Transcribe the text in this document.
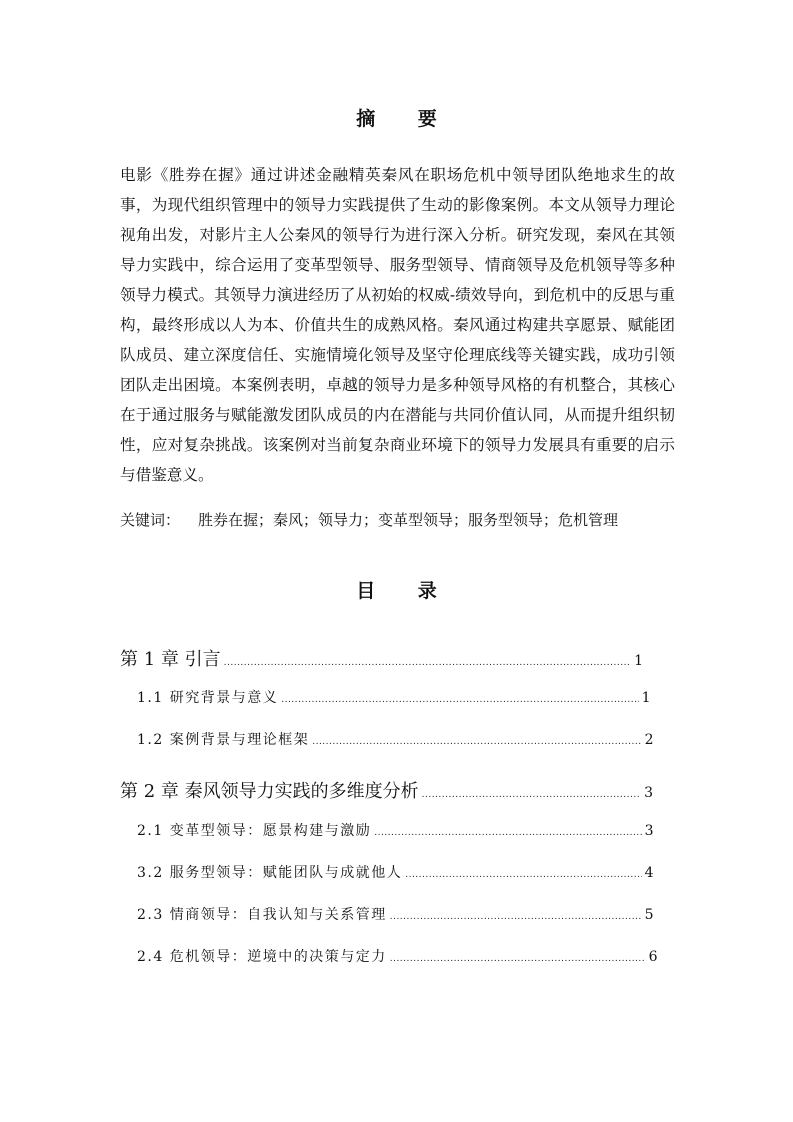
摘 要

电影《胜券在握》通过讲述金融精英秦风在职场危机中领导团队绝地求生的故事，为现代组织管理中的领导力实践提供了生动的影像案例。本文从领导力理论视角出发，对影片主人公秦风的领导行为进行深入分析。研究发现，秦风在其领导力实践中，综合运用了变革型领导、服务型领导、情商领导及危机领导等多种领导力模式。其领导力演进经历了从初始的权威-绩效导向，到危机中的反思与重构，最终形成以人为本、价值共生的成熟风格。秦风通过构建共享愿景、赋能团队成员、建立深度信任、实施情境化领导及坚守伦理底线等关键实践，成功引领团队走出困境。本案例表明，卓越的领导力是多种领导风格的有机整合，其核心在于通过服务与赋能激发团队成员的内在潜能与共同价值认同，从而提升组织韧性，应对复杂挑战。该案例对当前复杂商业环境下的领导力发展具有重要的启示与借鉴意义。

关键词： 胜券在握；秦风；领导力；变革型领导；服务型领导；危机管理
目 录
第 1 章 引言 .....	1
1.1 研究背景与意义 .....	1
1.2 案例背景与理论框架 .....	2
第 2 章 秦风领导力实践的多维度分析 .....	3
2.1 变革型领导：愿景构建与激励 .....	3
3.2 服务型领导：赋能团队与成就他人 .....	4
2.3 情商领导：自我认知与关系管理 .....	5
2.4 危机领导：逆境中的决策与定力 .....	6
